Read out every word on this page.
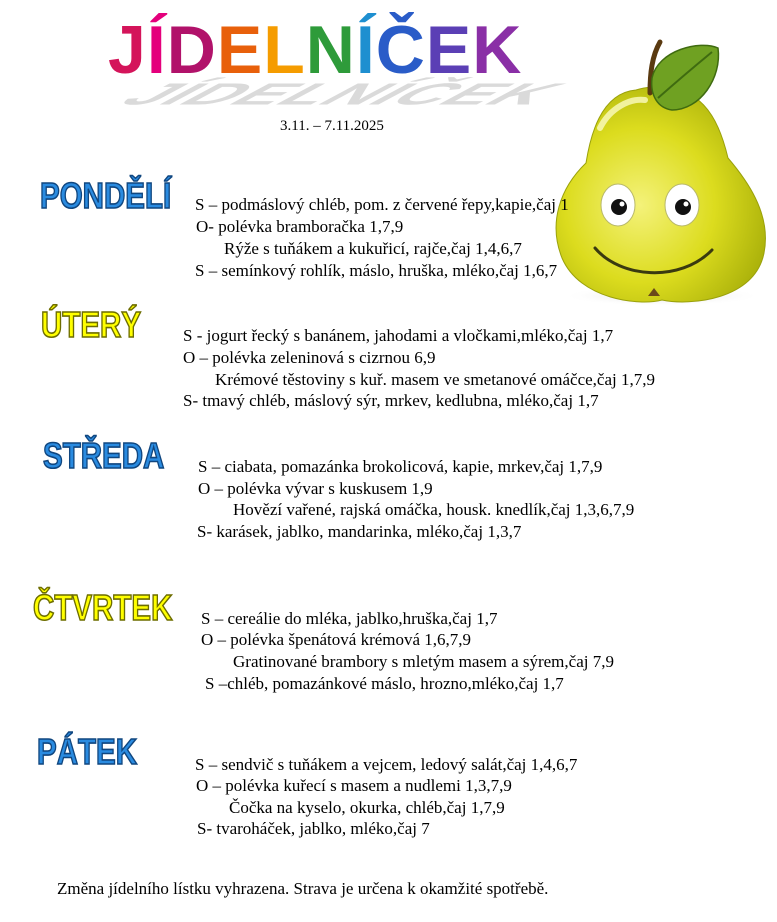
JÍDELNÍČEK
JÍDELNÍČEK
3.11. – 7.11.2025
PONDĚLÍ
ÚTERÝ
STŘEDA
ČTVRTEK
PÁTEK
S – podmáslový chléb, pom. z červené řepy,kapie,čaj 1
O- polévka bramboračka 1,7,9
Rýže s tuňákem a kukuřicí, rajče,čaj 1,4,6,7
S – semínkový rohlík, máslo, hruška, mléko,čaj 1,6,7
S - jogurt řecký s banánem, jahodami a vločkami,mléko,čaj 1,7
O – polévka zeleninová s cizrnou 6,9
Krémové těstoviny s kuř. masem ve smetanové omáčce,čaj 1,7,9
S- tmavý chléb, máslový sýr, mrkev, kedlubna, mléko,čaj 1,7
S – ciabata, pomazánka brokolicová, kapie, mrkev,čaj 1,7,9
O – polévka vývar s kuskusem 1,9
Hovězí vařené, rajská omáčka, housk. knedlík,čaj 1,3,6,7,9
S- karásek, jablko, mandarinka, mléko,čaj 1,3,7
S – cereálie do mléka, jablko,hruška,čaj 1,7
O – polévka špenátová krémová 1,6,7,9
Gratinované brambory s mletým masem a sýrem,čaj 7,9
S –chléb, pomazánkové máslo, hrozno,mléko,čaj 1,7
S – sendvič s tuňákem a vejcem, ledový salát,čaj 1,4,6,7
O – polévka kuřecí s masem a nudlemi 1,3,7,9
Čočka na kyselo, okurka, chléb,čaj 1,7,9
S- tvaroháček, jablko, mléko,čaj 7
Změna jídelního lístku vyhrazena. Strava je určena k okamžité spotřebě.
